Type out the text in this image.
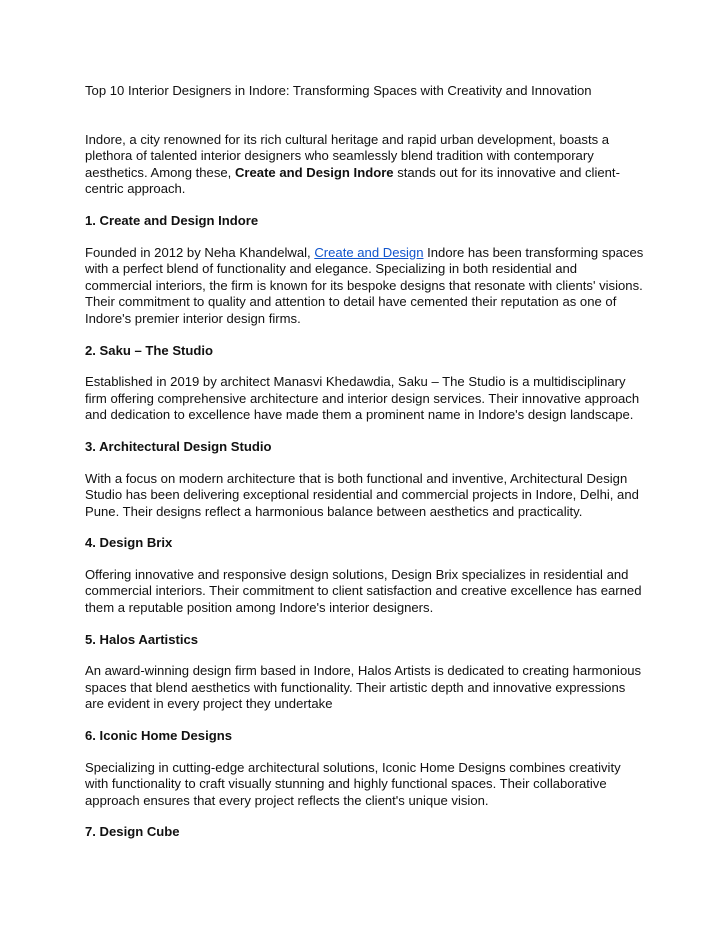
Top 10 Interior Designers in Indore: Transforming Spaces with Creativity and Innovation

Indore, a city renowned for its rich cultural heritage and rapid urban development, boasts a plethora of talented interior designers who seamlessly blend tradition with contemporary aesthetics. Among these, Create and Design Indore stands out for its innovative and client-centric approach.

1. Create and Design Indore

Founded in 2012 by Neha Khandelwal, Create and Design Indore has been transforming spaces with a perfect blend of functionality and elegance. Specializing in both residential and commercial interiors, the firm is known for its bespoke designs that resonate with clients' visions. Their commitment to quality and attention to detail have cemented their reputation as one of Indore's premier interior design firms.

2. Saku – The Studio

Established in 2019 by architect Manasvi Khedawdia, Saku – The Studio is a multidisciplinary firm offering comprehensive architecture and interior design services. Their innovative approach and dedication to excellence have made them a prominent name in Indore's design landscape.

3. Architectural Design Studio

With a focus on modern architecture that is both functional and inventive, Architectural Design Studio has been delivering exceptional residential and commercial projects in Indore, Delhi, and Pune. Their designs reflect a harmonious balance between aesthetics and practicality.

4. Design Brix

Offering innovative and responsive design solutions, Design Brix specializes in residential and commercial interiors. Their commitment to client satisfaction and creative excellence has earned them a reputable position among Indore's interior designers.

5. Halos Aartistics

An award-winning design firm based in Indore, Halos Artists is dedicated to creating harmonious spaces that blend aesthetics with functionality. Their artistic depth and innovative expressions are evident in every project they undertake

6. Iconic Home Designs

Specializing in cutting-edge architectural solutions, Iconic Home Designs combines creativity with functionality to craft visually stunning and highly functional spaces. Their collaborative approach ensures that every project reflects the client's unique vision.

7. Design Cube
